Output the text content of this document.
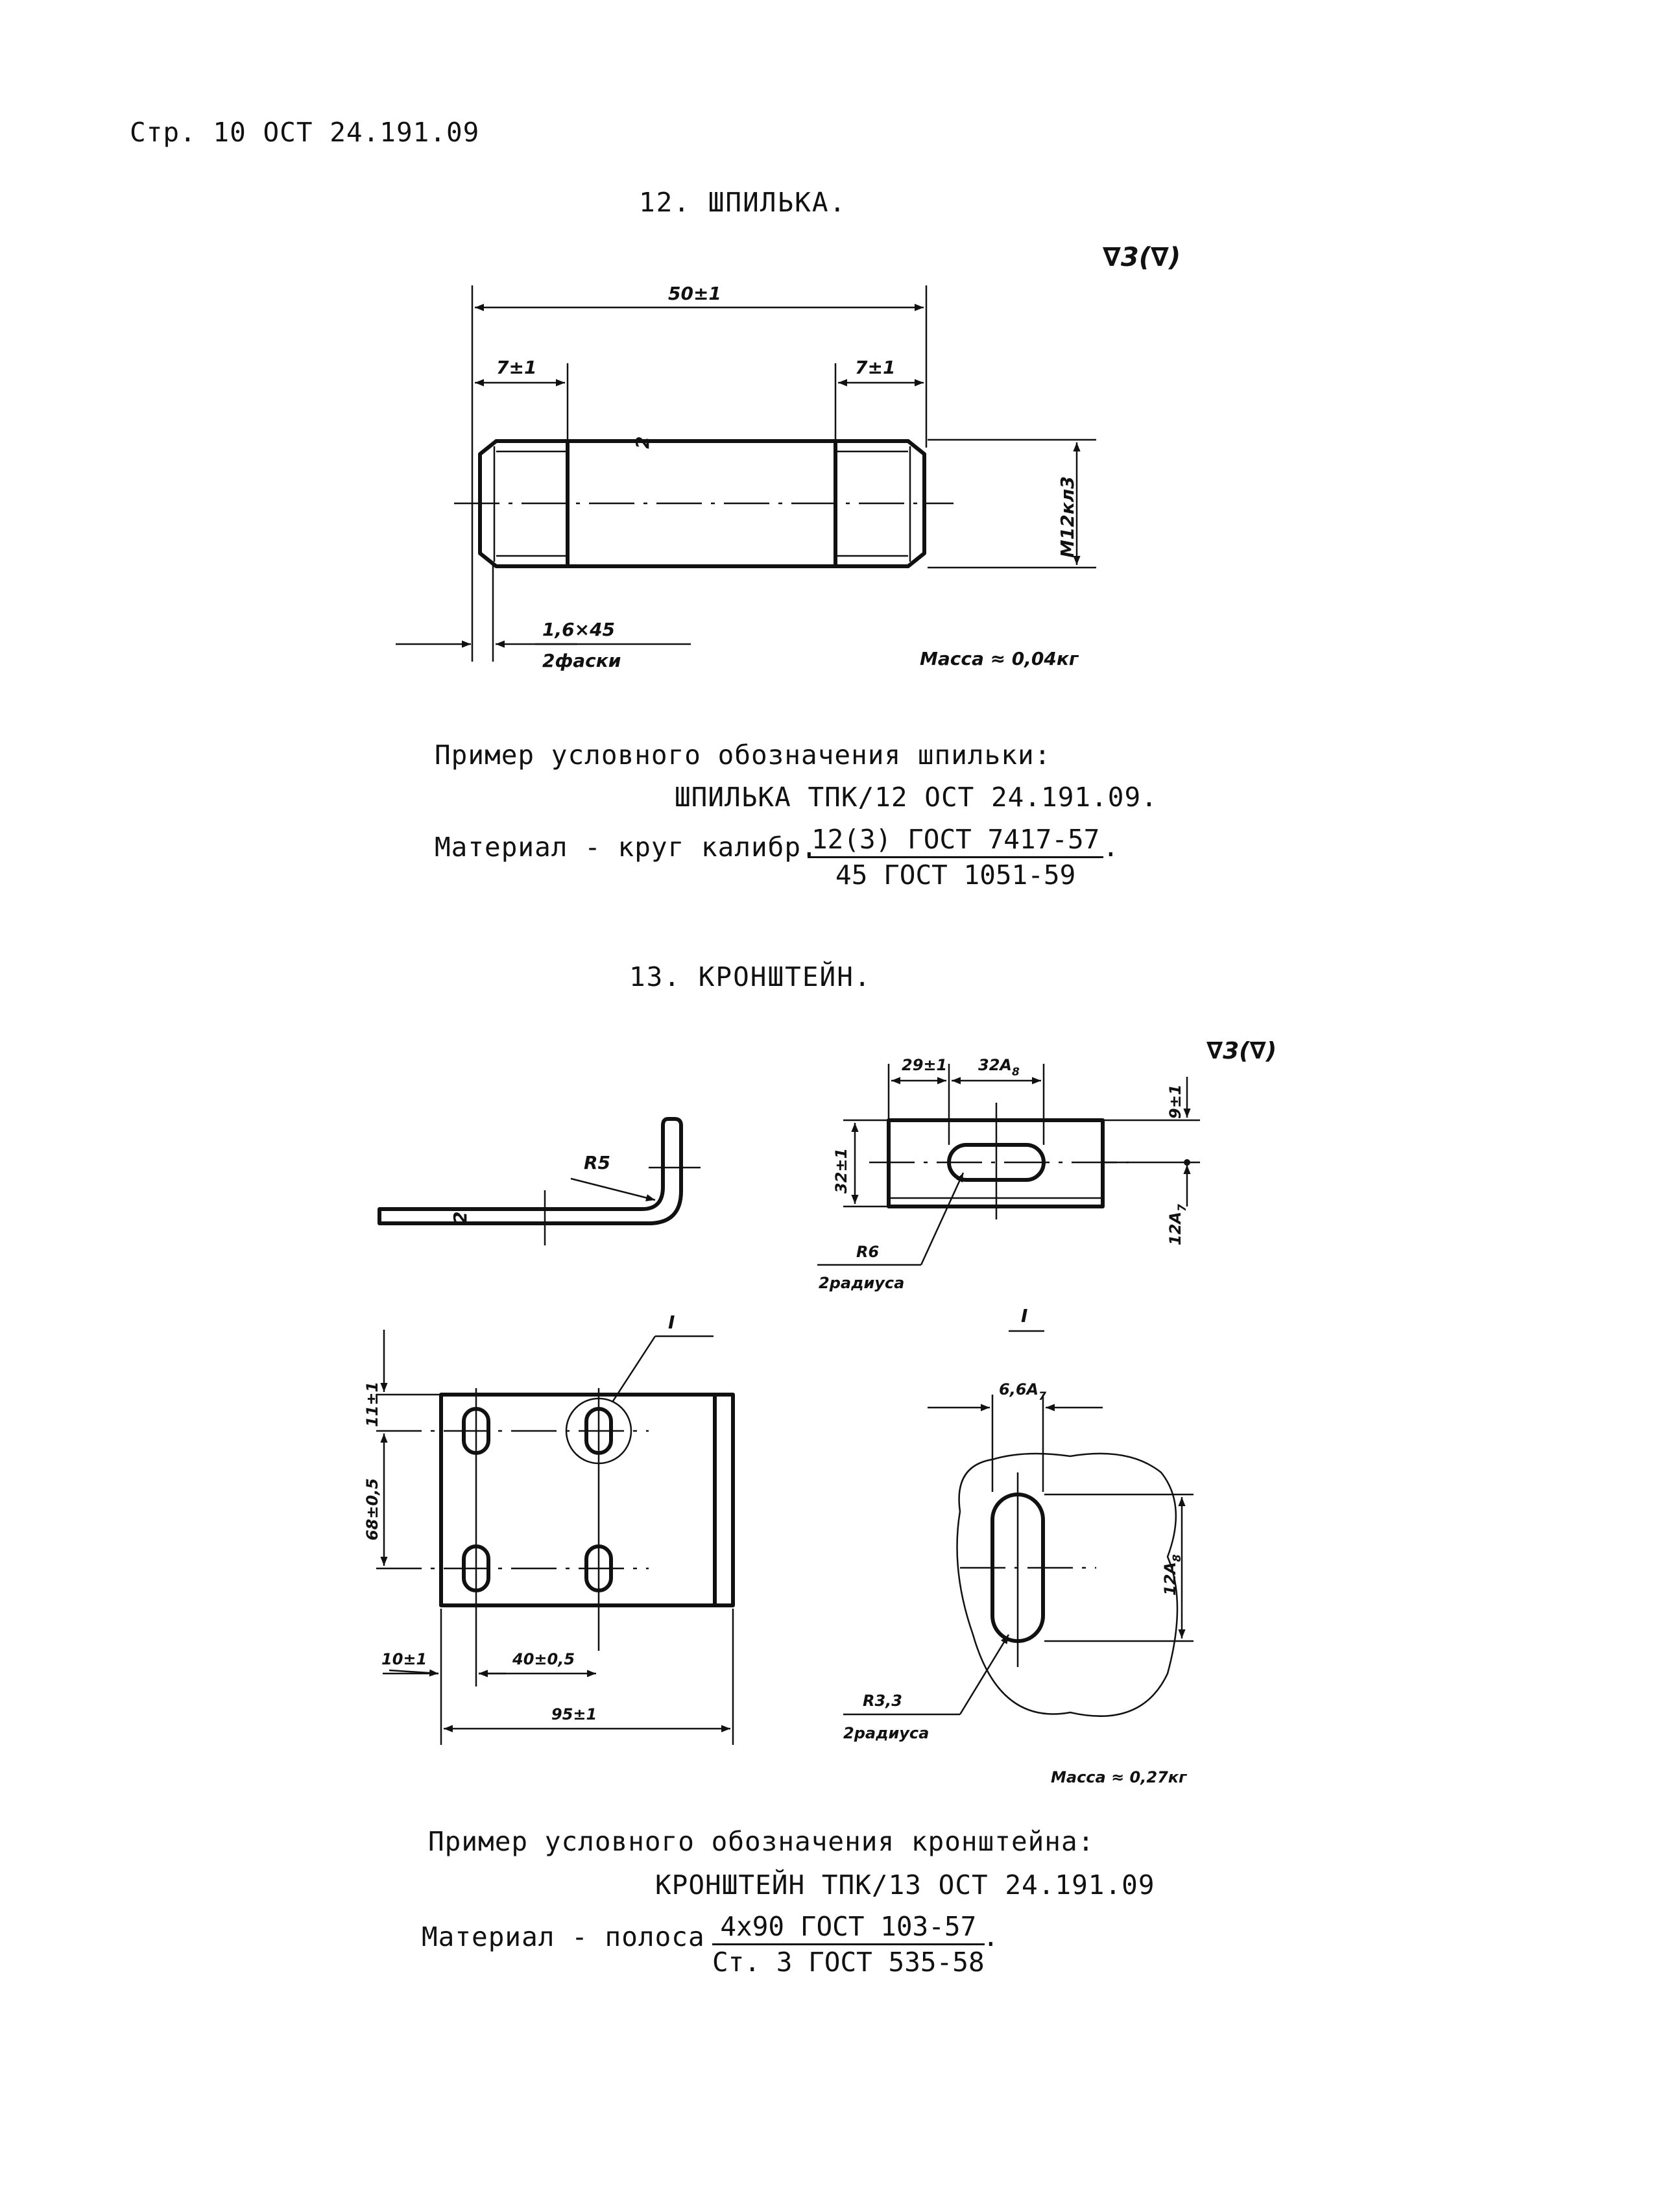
Стр. 10 ОСТ 24.191.09
12. ШПИЛЬКА.
Пример условного обозначения шпильки:
ШПИЛЬКА ТПК/12 ОСТ 24.191.09.
Материал - круг калибр.
12(3) ГОСТ 7417-57
45 ГОСТ 1051-59
.
13. КРОНШТЕЙН.
Пример условного обозначения кронштейна:
КРОНШТЕЙН ТПК/13 ОСТ 24.191.09
Материал - полоса 4x90 ГОСТ 103-57
Ст. 3 ГОСТ 535-58
.
∇3(∇)
2
50±1
7±1	7±1
M12кл3
1,6×45
2фаски	Масса ≈ 0,04кг
∇3(∇)
2
R5
29±1 $32A_8$
32±1
9±1
$12A_7$
R6
2радиуса
I
11±1
68±0,5
10±1	40±0,5
95±1
I
$6,6A_7$
$12A_8$
R3,3
2радиуса
Масса ≈ 0,27кг
